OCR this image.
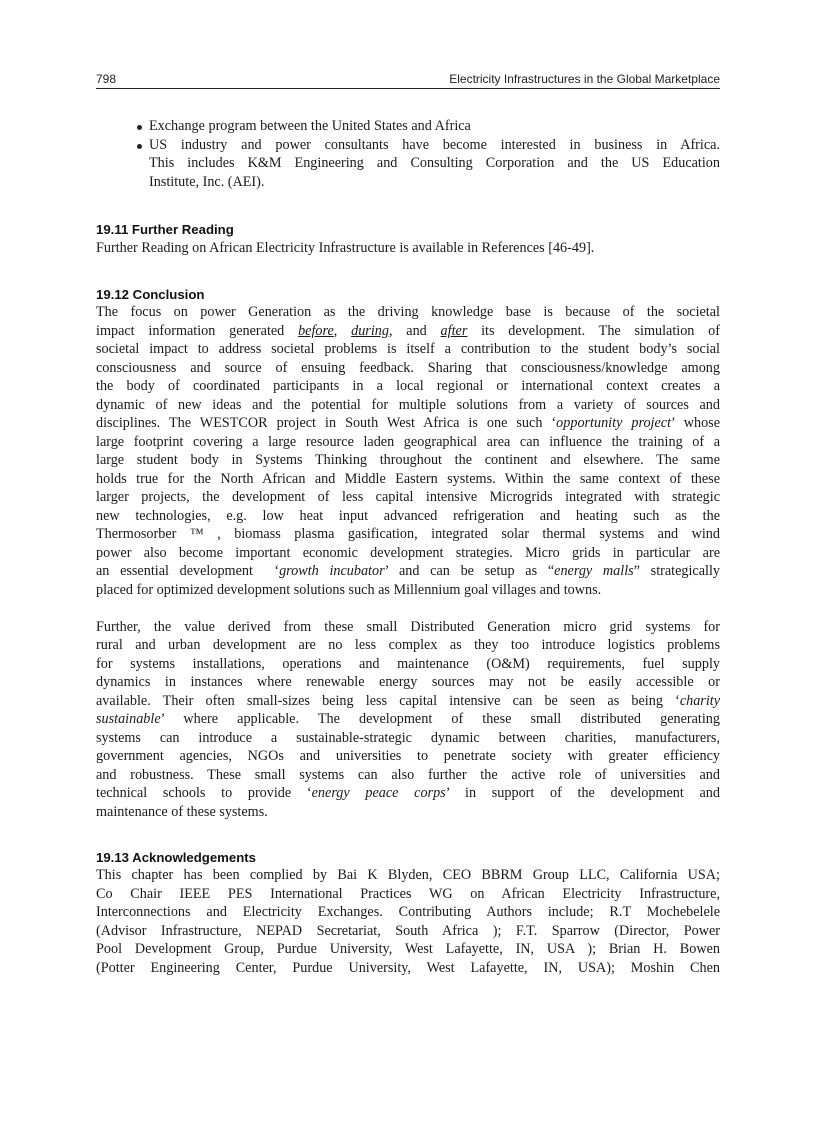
798	Electricity Infrastructures in the Global Marketplace
Exchange program between the United States and Africa
US industry and power consultants have become interested in business in Africa.
This includes K&M Engineering and Consulting Corporation and the US Education
Institute, Inc. (AEI).
19.11 Further Reading
Further Reading on African Electricity Infrastructure is available in References [46-49].
19.12 Conclusion
The focus on power Generation as the driving knowledge base is because of the societal
impact information generated before, during, and after its development. The simulation of
societal impact to address societal problems is itself a contribution to the student body’s social
consciousness and source of ensuing feedback. Sharing that consciousness/knowledge among
the body of coordinated participants in a local regional or international context creates a
dynamic of new ideas and the potential for multiple solutions from a variety of sources and
disciplines. The WESTCOR project in South West Africa is one such ‘opportunity project’ whose
large footprint covering a large resource laden geographical area can influence the training of a
large student body in Systems Thinking throughout the continent and elsewhere. The same
holds true for the North African and Middle Eastern systems. Within the same context of these
larger projects, the development of less capital intensive Microgrids integrated with strategic
new technologies, e.g. low heat input advanced refrigeration and heating such as the
Thermosorber ™ , biomass plasma gasification, integrated solar thermal systems and wind
power also become important economic development strategies. Micro grids in particular are
an essential development  ‘growth incubator’ and can be setup as “energy malls” strategically
placed for optimized development solutions such as Millennium goal villages and towns.
Further, the value derived from these small Distributed Generation micro grid systems for
rural and urban development are no less complex as they too introduce logistics problems
for systems installations, operations and maintenance (O&M) requirements, fuel supply
dynamics in instances where renewable energy sources may not be easily accessible or
available. Their often small-sizes being less capital intensive can be seen as being ‘charity
sustainable’ where applicable. The development of these small distributed generating
systems can introduce a sustainable-strategic dynamic between charities, manufacturers,
government agencies, NGOs and universities to penetrate society with greater efficiency
and robustness. These small systems can also further the active role of universities and
technical schools to provide ‘energy peace corps’ in support of the development and
maintenance of these systems.
19.13 Acknowledgements
This chapter has been complied by Bai K Blyden, CEO BBRM Group LLC, California USA;
Co Chair IEEE PES International Practices WG on African Electricity Infrastructure,
Interconnections and Electricity Exchanges. Contributing Authors include; R.T Mochebelele
(Advisor Infrastructure, NEPAD Secretariat, South Africa ); F.T. Sparrow (Director, Power
Pool Development Group, Purdue University, West Lafayette, IN, USA ); Brian H. Bowen
(Potter Engineering Center, Purdue University, West Lafayette, IN, USA); Moshin Chen
